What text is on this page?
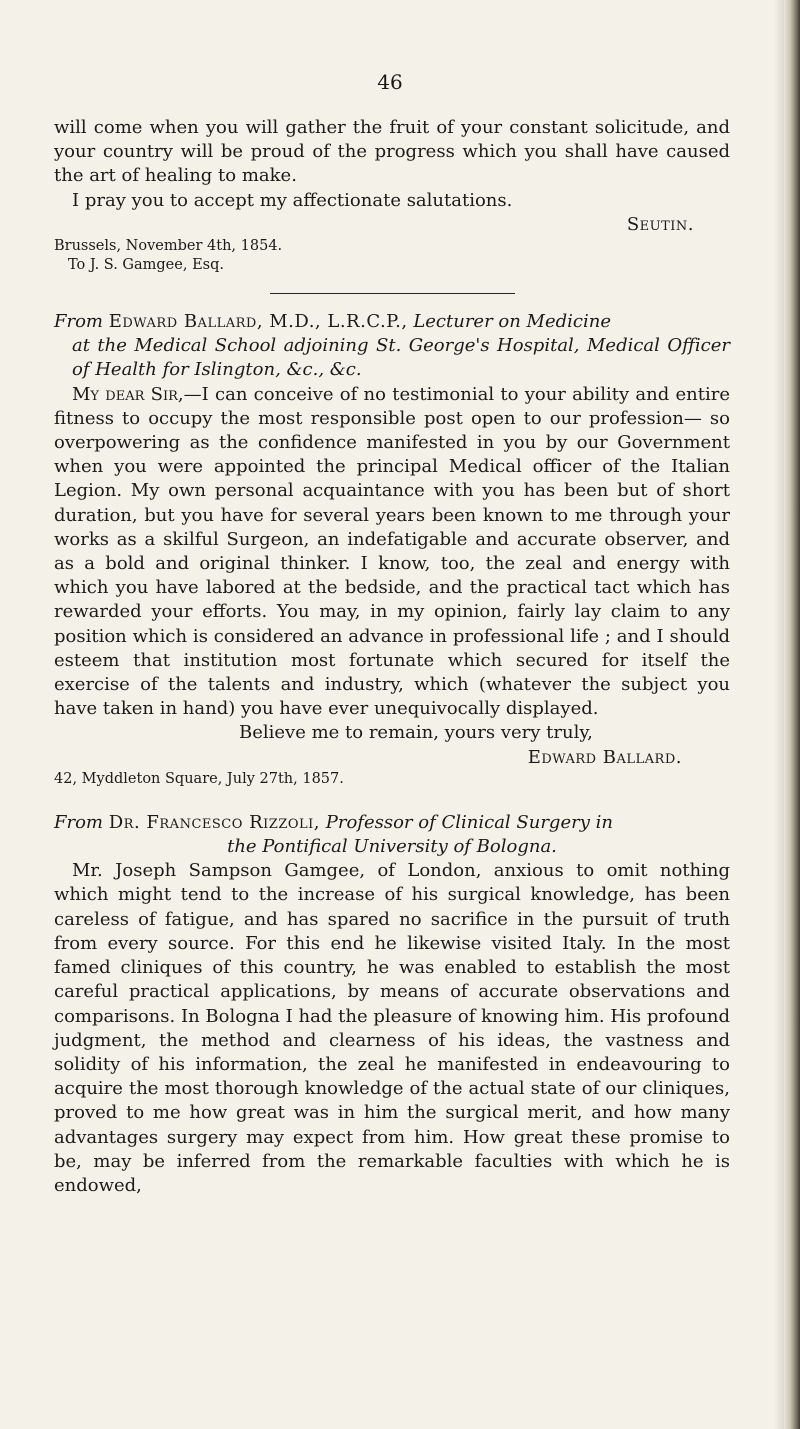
46

will come when you will gather the fruit of your constant solicitude, and your country will be proud of the progress which you shall have caused the art of healing to make.

I pray you to accept my affectionate salutations.

Seutin.

Brussels, November 4th, 1854.

To J. S. Gamgee, Esq.

From Edward Ballard, M.D., L.R.C.P., Lecturer on Medicine

at the Medical School adjoining St. George's Hospital, Medical Officer of Health for Islington, &c., &c.

My dear Sir,—I can conceive of no testimonial to your ability and entire fitness to occupy the most responsible post open to our profession— so overpowering as the confidence manifested in you by our Government when you were appointed the principal Medical officer of the Italian Legion. My own personal acquaintance with you has been but of short duration, but you have for several years been known to me through your works as a skilful Surgeon, an indefatigable and accurate observer, and as a bold and original thinker. I know, too, the zeal and energy with which you have labored at the bedside, and the practical tact which has rewarded your efforts. You may, in my opinion, fairly lay claim to any position which is considered an advance in professional life ; and I should esteem that institution most fortunate which secured for itself the exercise of the talents and industry, which (whatever the subject you have taken in hand) you have ever unequivocally displayed.

Believe me to remain, yours very truly,

Edward Ballard.

42, Myddleton Square, July 27th, 1857.

From Dr. Francesco Rizzoli, Professor of Clinical Surgery in

the Pontifical University of Bologna.

Mr. Joseph Sampson Gamgee, of London, anxious to omit nothing which might tend to the increase of his surgical knowledge, has been careless of fatigue, and has spared no sacrifice in the pursuit of truth from every source. For this end he likewise visited Italy. In the most famed cliniques of this country, he was enabled to establish the most careful practical applications, by means of accurate observations and comparisons. In Bologna I had the pleasure of knowing him. His profound judgment, the method and clearness of his ideas, the vastness and solidity of his information, the zeal he manifested in endeavouring to acquire the most thorough knowledge of the actual state of our cliniques, proved to me how great was in him the surgical merit, and how many advantages surgery may expect from him. How great these promise to be, may be inferred from the remarkable faculties with which he is endowed,
